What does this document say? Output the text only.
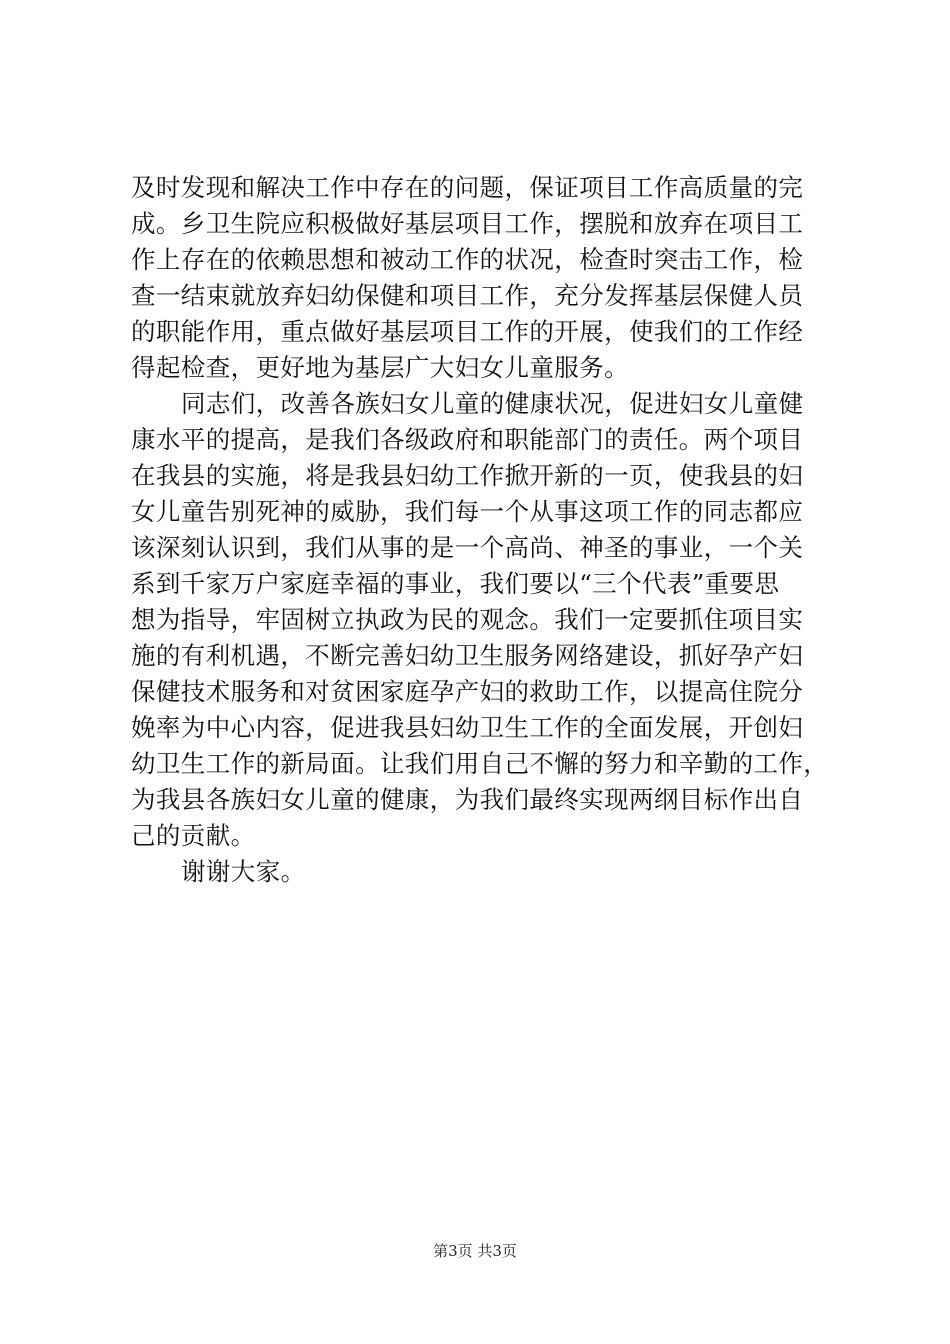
及时发现和解决工作中存在的问题，保证项目工作高质量的完
成。乡卫生院应积极做好基层项目工作，摆脱和放弃在项目工
作上存在的依赖思想和被动工作的状况，检查时突击工作，检
查一结束就放弃妇幼保健和项目工作，充分发挥基层保健人员
的职能作用，重点做好基层项目工作的开展，使我们的工作经
得起检查，更好地为基层广大妇女儿童服务。
同志们，改善各族妇女儿童的健康状况，促进妇女儿童健
康水平的提高，是我们各级政府和职能部门的责任。两个项目
在我县的实施，将是我县妇幼工作掀开新的一页，使我县的妇
女儿童告别死神的威胁，我们每一个从事这项工作的同志都应
该深刻认识到，我们从事的是一个高尚、神圣的事业，一个关
系到千家万户家庭幸福的事业，我们要以“三个代表”重要思
想为指导，牢固树立执政为民的观念。我们一定要抓住项目实
施的有利机遇，不断完善妇幼卫生服务网络建设，抓好孕产妇
保健技术服务和对贫困家庭孕产妇的救助工作，以提高住院分
娩率为中心内容，促进我县妇幼卫生工作的全面发展，开创妇
幼卫生工作的新局面。让我们用自己不懈的努力和辛勤的工作，
为我县各族妇女儿童的健康，为我们最终实现两纲目标作出自
己的贡献。
谢谢大家。
第3页 共3页
